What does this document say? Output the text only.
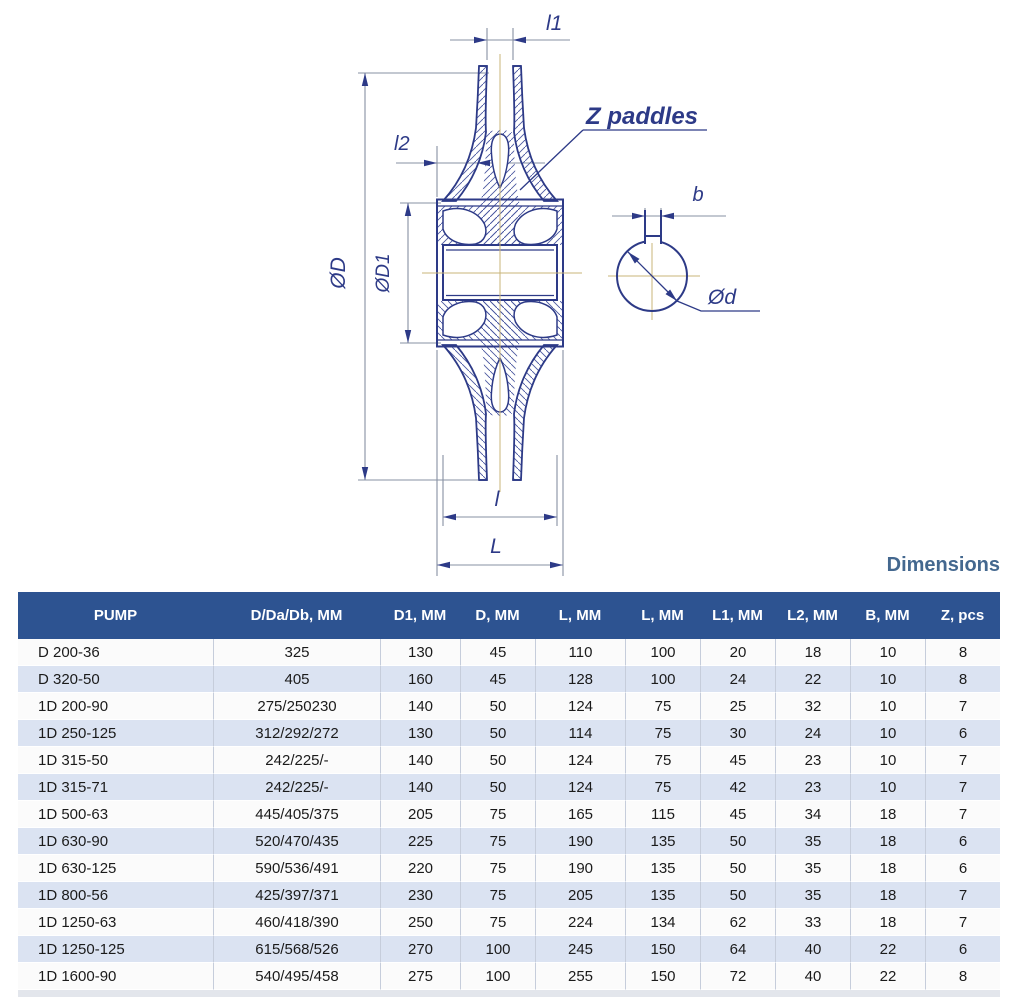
l1
l2
ØD ØD1
l
L
Z paddles
b
Ød
Dimensions
PUMP	D/Da/Db, MM	D1, MM	D, MM	L, MM	L, MM	L1, MM	L2, MM	B, MM	Z, pcs
D 200-36	325	130	45	110	100	20	18	10	8
D 320-50	405	160	45	128	100	24	22	10	8
1D 200-90	275/250230	140	50	124	75	25	32	10	7
1D 250-125	312/292/272	130	50	114	75	30	24	10	6
1D 315-50	242/225/-	140	50	124	75	45	23	10	7
1D 315-71	242/225/-	140	50	124	75	42	23	10	7
1D 500-63	445/405/375	205	75	165	115	45	34	18	7
1D 630-90	520/470/435	225	75	190	135	50	35	18	6
1D 630-125	590/536/491	220	75	190	135	50	35	18	6
1D 800-56	425/397/371	230	75	205	135	50	35	18	7
1D 1250-63	460/418/390	250	75	224	134	62	33	18	7
1D 1250-125	615/568/526	270	100	245	150	64	40	22	6
1D 1600-90	540/495/458	275	100	255	150	72	40	22	8
